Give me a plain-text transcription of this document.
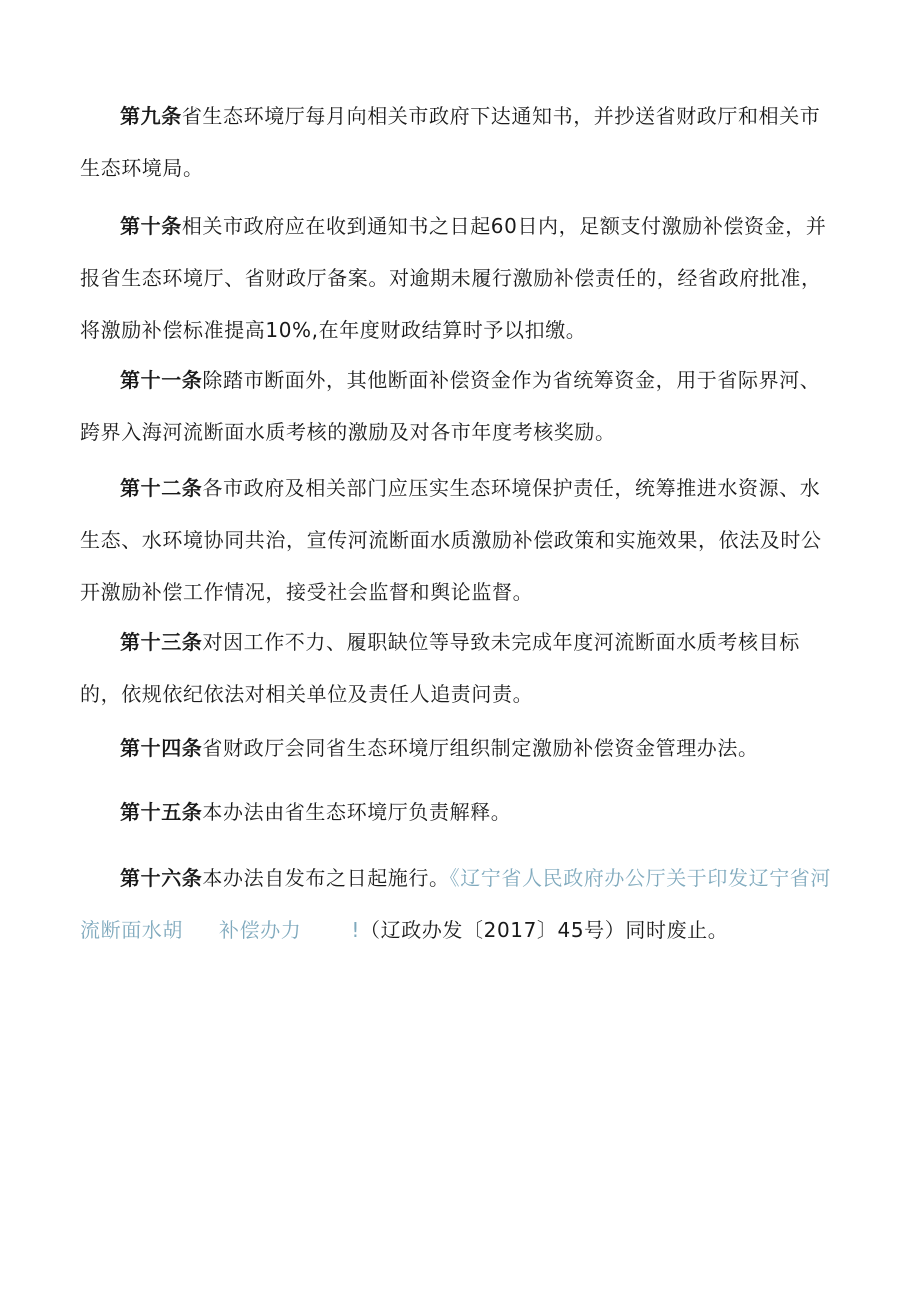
第九条省生态环境厅每月向相关市政府下达通知书，并抄送省财政厅和相关市生态环境局。

第十条相关市政府应在收到通知书之日起60日内，足额支付激励补偿资金，并报省生态环境厅、省财政厅备案。对逾期未履行激励补偿责任的，经省政府批准，将激励补偿标准提高10%,在年度财政结算时予以扣缴。

第十一条除踏市断面外，其他断面补偿资金作为省统筹资金，用于省际界河、跨界入海河流断面水质考核的激励及对各市年度考核奖励。

第十二条各市政府及相关部门应压实生态环境保护责任，统筹推进水资源、水生态、水环境协同共治，宣传河流断面水质激励补偿政策和实施效果，依法及时公开激励补偿工作情况，接受社会监督和舆论监督。

第十三条对因工作不力、履职缺位等导致未完成年度河流断面水质考核目标的，依规依纪依法对相关单位及责任人追责问责。

第十四条省财政厅会同省生态环境厅组织制定激励补偿资金管理办法。

第十五条本办法由省生态环境厅负责解释。

第十六条本办法自发布之日起施行。《辽宁省人民政府办公厅关于印发辽宁省河流断面水胡 补偿办力	!（辽政办发〔2017〕45号）同时废止。
